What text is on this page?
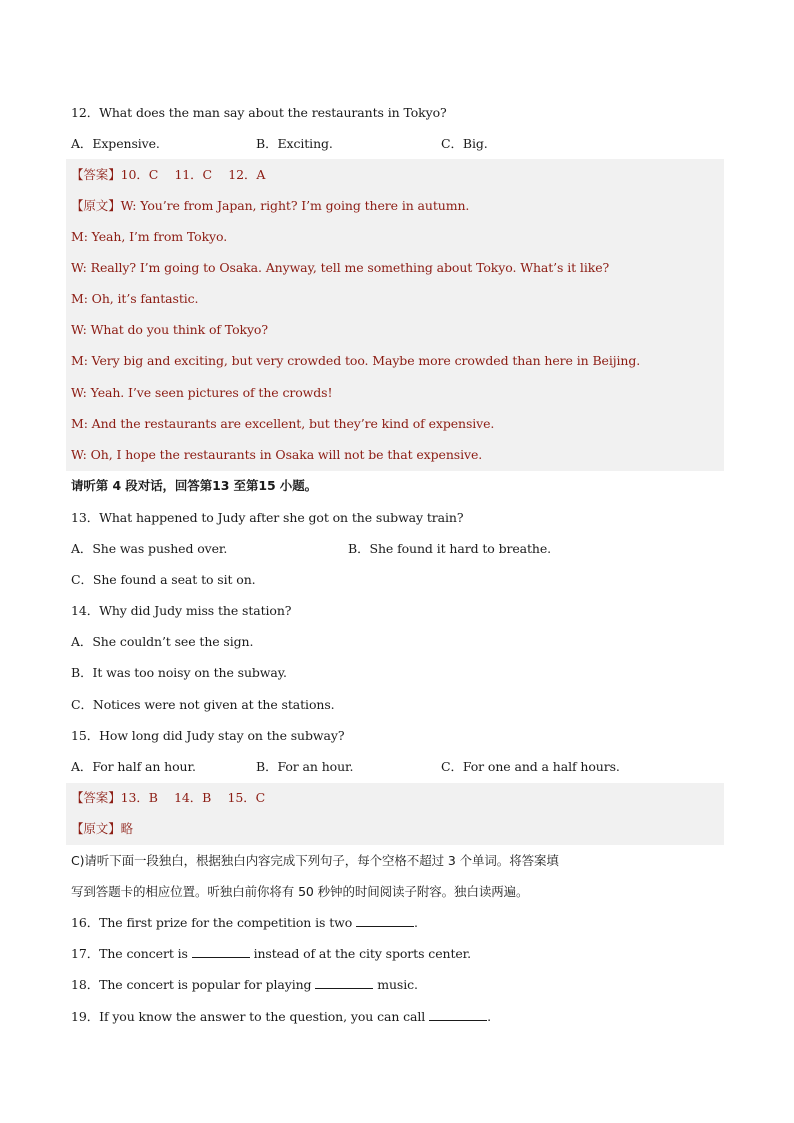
12．What does the man say about the restaurants in Tokyo?
A．Expensive.	B．Exciting.	C．Big.
【答案】10．C　 11．C　 12．A
【原文】W: You’re from Japan, right? I’m going there in autumn.
M: Yeah, I’m from Tokyo.
W: Really? I’m going to Osaka. Anyway, tell me something about Tokyo. What’s it like?
M: Oh, it’s fantastic.
W: What do you think of Tokyo?
M: Very big and exciting, but very crowded too. Maybe more crowded than here in Beijing.
W: Yeah. I’ve seen pictures of the crowds!
M: And the restaurants are excellent, but they’re kind of expensive.
W: Oh, I hope the restaurants in Osaka will not be that expensive.
请听第 4 段对话，回答第13 至第15 小题。
13．What happened to Judy after she got on the subway train?
A．She was pushed over.	B．She found it hard to breathe.
C．She found a seat to sit on.
14．Why did Judy miss the station?
A．She couldn’t see the sign.
B．It was too noisy on the subway.
C．Notices were not given at the stations.
15．How long did Judy stay on the subway?
A．For half an hour.	B．For an hour.	C．For one and a half hours.
【答案】13．B　 14．B　 15．C
【原文】略
C)请听下面一段独白，根据独白内容完成下列句子，每个空格不超过 3 个单词。将答案填
写到答题卡的相应位置。听独白前你将有 50 秒钟的时间阅读子附容。独白读两遍。
16．The first prize for the competition is two	.
17．The concert is	instead of at the city sports center.
18．The concert is popular for playing	music.
19．If you know the answer to the question, you can call	.
